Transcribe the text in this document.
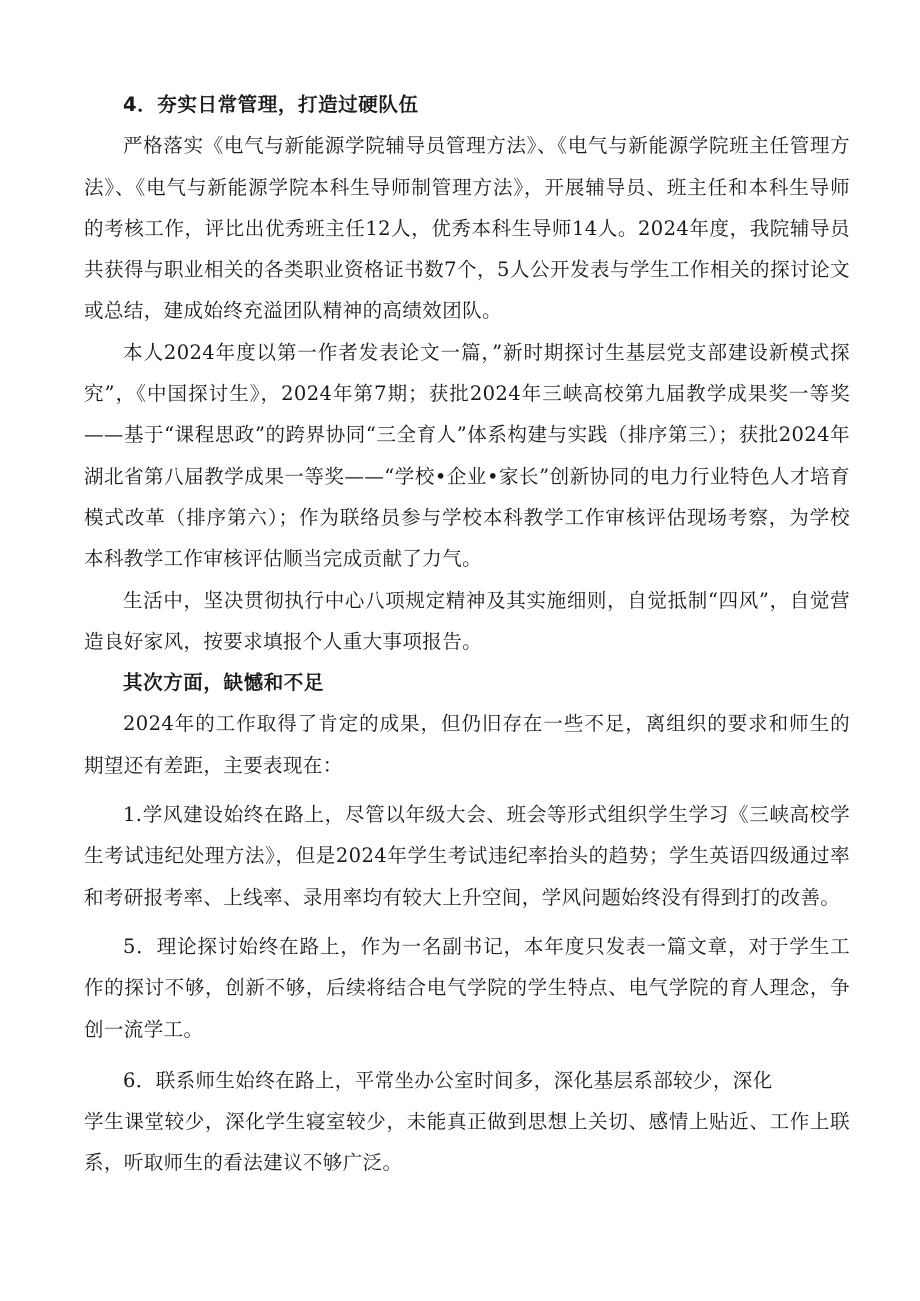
4．夯实日常管理，打造过硬队伍

严格落实《电气与新能源学院辅导员管理方法》、《电气与新能源学院班主任管理方法》、《电气与新能源学院本科生导师制管理方法》，开展辅导员、班主任和本科生导师的考核工作，评比出优秀班主任12人，优秀本科生导师14人。2024年度，我院辅导员共获得与职业相关的各类职业资格证书数7个，5人公开发表与学生工作相关的探讨论文或总结，建成始终充溢团队精神的高绩效团队。

本人2024年度以第一作者发表论文一篇，”新时期探讨生基层党支部建设新模式探究”，《中国探讨生》，2024年第7期；获批2024年三峡高校第九届教学成果奖一等奖——基于“课程思政”的跨界协同“三全育人”体系构建与实践（排序第三）；获批2024年湖北省第八届教学成果一等奖——“学校•企业•家长”创新协同的电力行业特色人才培育模式改革（排序第六）；作为联络员参与学校本科教学工作审核评估现场考察，为学校本科教学工作审核评估顺当完成贡献了力气。

生活中，坚决贯彻执行中心八项规定精神及其实施细则，自觉抵制“四风”，自觉营造良好家风，按要求填报个人重大事项报告。

其次方面，缺憾和不足

2024年的工作取得了肯定的成果，但仍旧存在一些不足，离组织的要求和师生的期望还有差距，主要表现在：

1.学风建设始终在路上，尽管以年级大会、班会等形式组织学生学习《三峡高校学生考试违纪处理方法》，但是2024年学生考试违纪率抬头的趋势；学生英语四级通过率和考研报考率、上线率、录用率均有较大上升空间，学风问题始终没有得到打的改善。

5．理论探讨始终在路上，作为一名副书记，本年度只发表一篇文章，对于学生工作的探讨不够，创新不够，后续将结合电气学院的学生特点、电气学院的育人理念，争创一流学工。

6．联系师生始终在路上，平常坐办公室时间多，深化基层系部较少，深化
学生课堂较少，深化学生寝室较少，未能真正做到思想上关切、感情上贴近、工作上联系，听取师生的看法建议不够广泛。
